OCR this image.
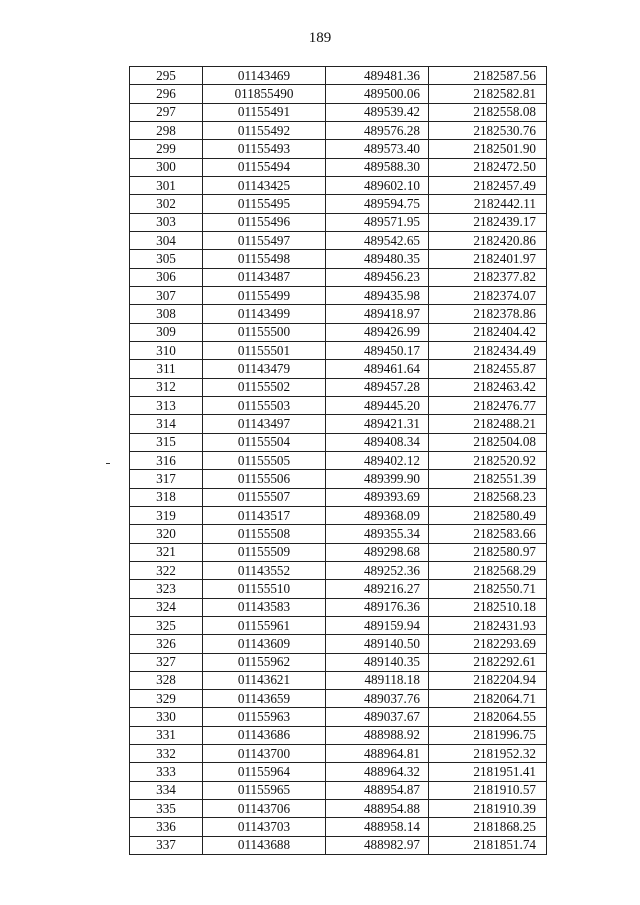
189
295	01143469	489481.36	2182587.56
296	011855490	489500.06	2182582.81
297	01155491	489539.42	2182558.08
298	01155492	489576.28	2182530.76
299	01155493	489573.40	2182501.90
300	01155494	489588.30	2182472.50
301	01143425	489602.10	2182457.49
302	01155495	489594.75	2182442.11
303	01155496	489571.95	2182439.17
304	01155497	489542.65	2182420.86
305	01155498	489480.35	2182401.97
306	01143487	489456.23	2182377.82
307	01155499	489435.98	2182374.07
308	01143499	489418.97	2182378.86
309	01155500	489426.99	2182404.42
310	01155501	489450.17	2182434.49
311	01143479	489461.64	2182455.87
312	01155502	489457.28	2182463.42
313	01155503	489445.20	2182476.77
314	01143497	489421.31	2182488.21
315	01155504	489408.34	2182504.08
316	01155505	489402.12	2182520.92
317	01155506	489399.90	2182551.39
318	01155507	489393.69	2182568.23
319	01143517	489368.09	2182580.49
320	01155508	489355.34	2182583.66
321	01155509	489298.68	2182580.97
322	01143552	489252.36	2182568.29
323	01155510	489216.27	2182550.71
324	01143583	489176.36	2182510.18
325	01155961	489159.94	2182431.93
326	01143609	489140.50	2182293.69
327	01155962	489140.35	2182292.61
328	01143621	489118.18	2182204.94
329	01143659	489037.76	2182064.71
330	01155963	489037.67	2182064.55
331	01143686	488988.92	2181996.75
332	01143700	488964.81	2181952.32
333	01155964	488964.32	2181951.41
334	01155965	488954.87	2181910.57
335	01143706	488954.88	2181910.39
336	01143703	488958.14	2181868.25
337	01143688	488982.97	2181851.74
